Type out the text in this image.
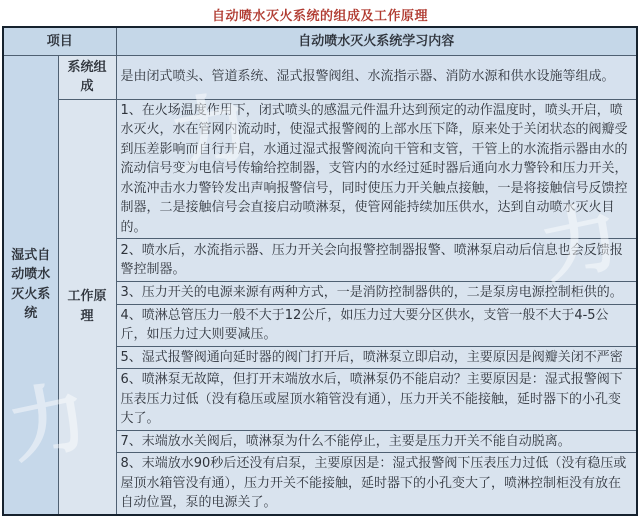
自动喷水灭火系统的组成及工作原理
项目		自动喷水灭火系统学习内容
湿式自动喷水灭火系统	系统组成	是由闭式喷头、管道系统、湿式报警阀组、水流指示器、消防水源和供水设施等组成。
	工作原理	1、在火场温度作用下，闭式喷头的感温元件温升达到预定的动作温度时，喷头开启，喷水灭火，水在管网内流动时，使湿式报警阀的上部水压下降，原来处于关闭状态的阀瓣受到压差影响而自行开启，水通过湿式报警阀流向干管和支管，干管上的水流指示器由水的流动信号变为电信号传输给控制器，支管内的水经过延时器后通向水力警铃和压力开关，水流冲击水力警铃发出声响报警信号，同时使压力开关触点接触，一是将接触信号反馈控制器，二是接触信号会直接启动喷淋泵，使管网能持续加压供水，达到自动喷水灭火目的。
		2、喷水后，水流指示器、压力开关会向报警控制器报警、喷淋泵启动后信息也会反馈报警控制器。
		3、压力开关的电源来源有两种方式，一是消防控制器供的，二是泵房电源控制柜供的。
		4、喷淋总管压力一般不大于12公斤，如压力过大要分区供水，支管一般不大于4-5公斤，如压力过大则要减压。
		5、湿式报警阀通向延时器的阀门打开后，喷淋泵立即启动，主要原因是阀瓣关闭不严密
		6、喷淋泵无故障，但打开末端放水后，喷淋泵仍不能启动？主要原因是：湿式报警阀下压表压力过低（没有稳压或屋顶水箱管没有通），压力开关不能接触，延时器下的小孔变大了。
		7、末端放水关阀后，喷淋泵为什么不能停止，主要是压力开关不能自动脱离。
		8、末端放水90秒后还没有启泵，主要原因是：湿式报警阀下压表压力过低（没有稳压或屋顶水箱管没有通），压力开关不能接触，延时器下的小孔变大了，喷淋控制柜没有放在自动位置，泵的电源关了。
力
力
力
